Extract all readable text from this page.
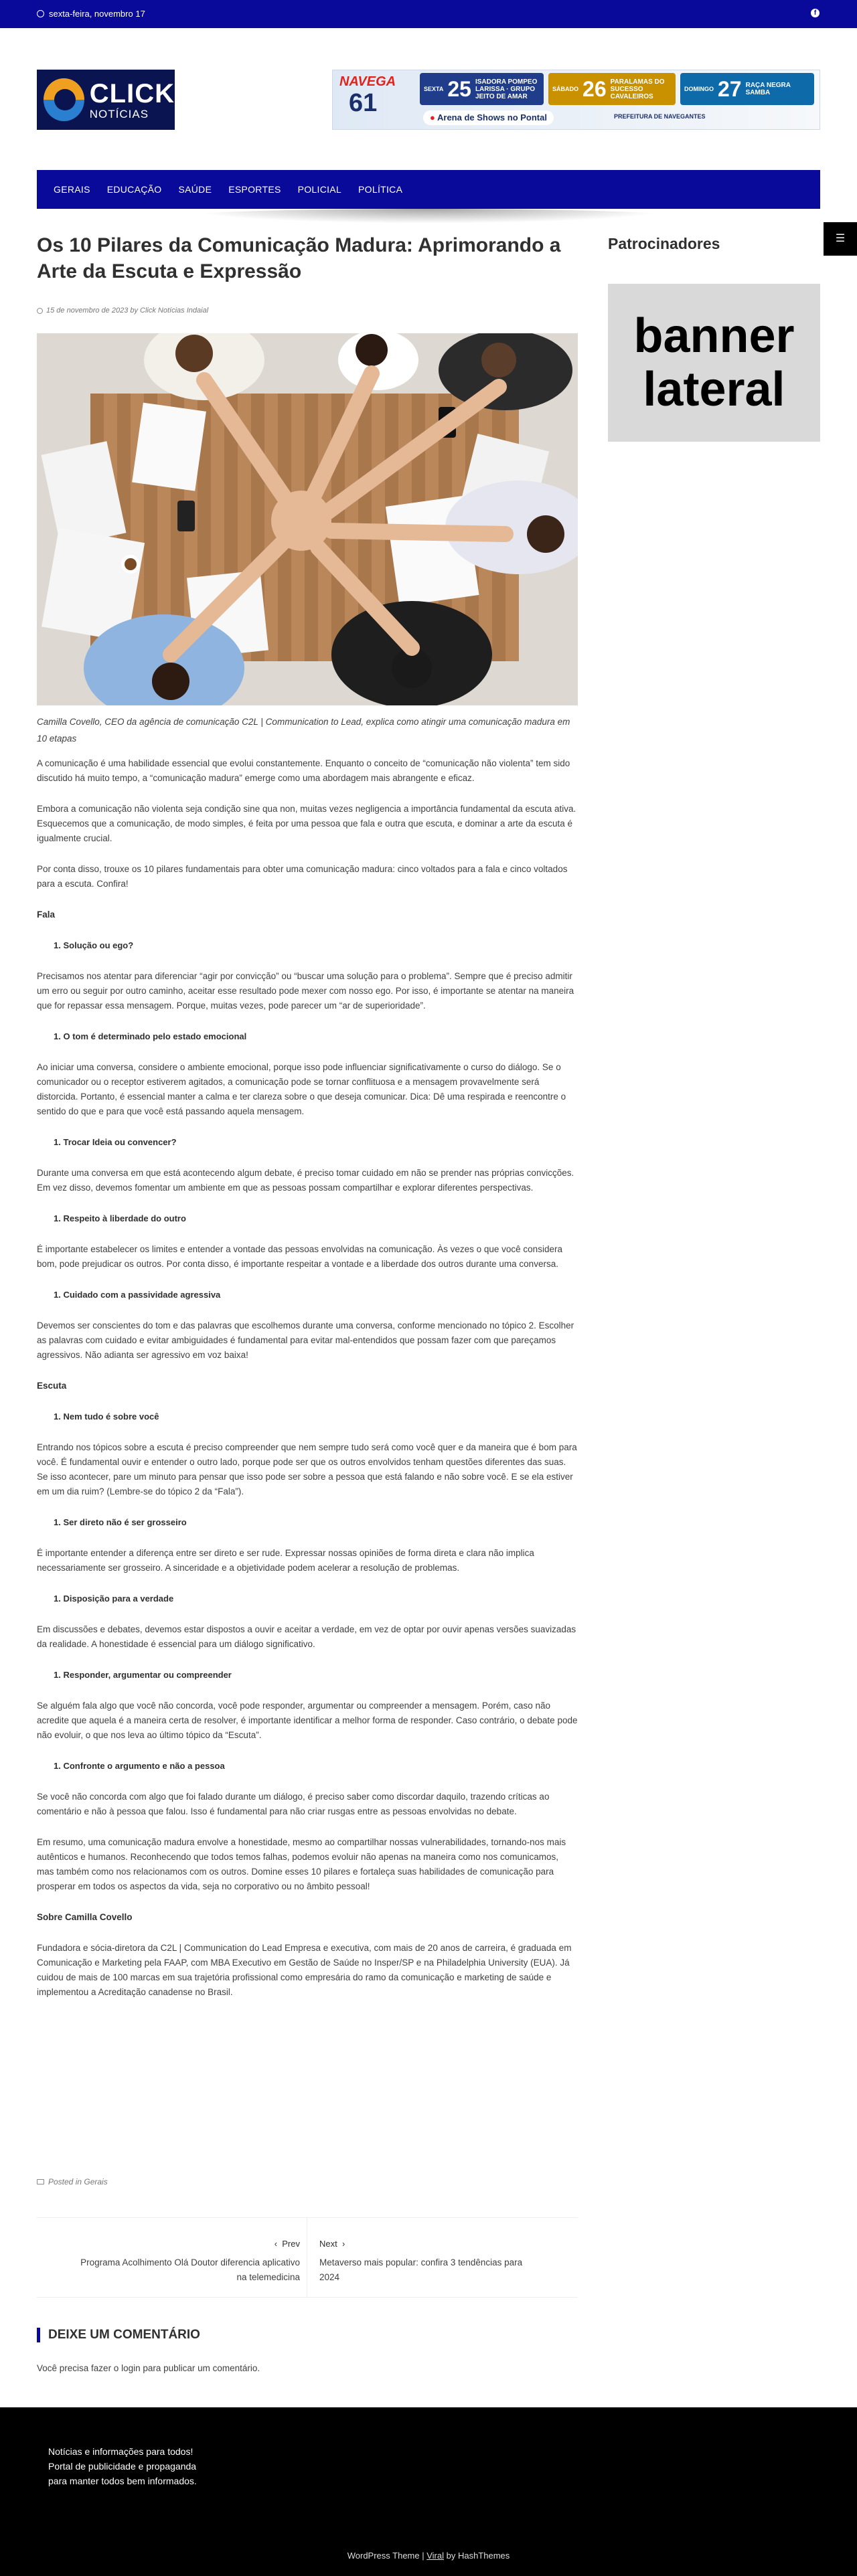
sexta-feira, novembro 17	f
CLICK
NOTÍCIAS
NAVEGA
61
SEXTA 25 ISADORA POMPEO
LARISSA · GRUPO JEITO DE AMAR
SÁBADO 26 PARALAMAS DO SUCESSO
CAVALEIROS
DOMINGO 27 RAÇA NEGRA
SAMBA
● Arena de Shows no Pontal	PREFEITURA DE NAVEGANTES
GERAIS EDUCAÇÃO SAÚDE ESPORTES POLICIAL POLÍTICA
☰
Os 10 Pilares da Comunicação Madura: Aprimorando a Arte da Escuta e Expressão
15 de novembro de 2023 by Click Notícias Indaial

Camilla Covello, CEO da agência de comunicação C2L | Communication to Lead, explica como atingir uma comunicação madura em 10 etapas

A comunicação é uma habilidade essencial que evolui constantemente. Enquanto o conceito de “comunicação não violenta” tem sido discutido há muito tempo, a “comunicação madura” emerge como uma abordagem mais abrangente e eficaz.

Embora a comunicação não violenta seja condição sine qua non, muitas vezes negligencia a importância fundamental da escuta ativa. Esquecemos que a comunicação, de modo simples, é feita por uma pessoa que fala e outra que escuta, e dominar a arte da escuta é igualmente crucial.

Por conta disso, trouxe os 10 pilares fundamentais para obter uma comunicação madura: cinco voltados para a fala e cinco voltados para a escuta. Confira!

Fala
1. Solução ou ego?

Precisamos nos atentar para diferenciar “agir por convicção” ou “buscar uma solução para o problema”. Sempre que é preciso admitir um erro ou seguir por outro caminho, aceitar esse resultado pode mexer com nosso ego. Por isso, é importante se atentar na maneira que for repassar essa mensagem. Porque, muitas vezes, pode parecer um “ar de superioridade”.

1. O tom é determinado pelo estado emocional

Ao iniciar uma conversa, considere o ambiente emocional, porque isso pode influenciar significativamente o curso do diálogo. Se o comunicador ou o receptor estiverem agitados, a comunicação pode se tornar conflituosa e a mensagem provavelmente será distorcida. Portanto, é essencial manter a calma e ter clareza sobre o que deseja comunicar. Dica: Dê uma respirada e reencontre o sentido do que e para que você está passando aquela mensagem.

1. Trocar Ideia ou convencer?

Durante uma conversa em que está acontecendo algum debate, é preciso tomar cuidado em não se prender nas próprias convicções. Em vez disso, devemos fomentar um ambiente em que as pessoas possam compartilhar e explorar diferentes perspectivas.

1. Respeito à liberdade do outro

É importante estabelecer os limites e entender a vontade das pessoas envolvidas na comunicação. Às vezes o que você considera bom, pode prejudicar os outros. Por conta disso, é importante respeitar a vontade e a liberdade dos outros durante uma conversa.

1. Cuidado com a passividade agressiva

Devemos ser conscientes do tom e das palavras que escolhemos durante uma conversa, conforme mencionado no tópico 2. Escolher as palavras com cuidado e evitar ambiguidades é fundamental para evitar mal-entendidos que possam fazer com que pareçamos agressivos. Não adianta ser agressivo em voz baixa!

Escuta
1. Nem tudo é sobre você

Entrando nos tópicos sobre a escuta é preciso compreender que nem sempre tudo será como você quer e da maneira que é bom para você. É fundamental ouvir e entender o outro lado, porque pode ser que os outros envolvidos tenham questões diferentes das suas. Se isso acontecer, pare um minuto para pensar que isso pode ser sobre a pessoa que está falando e não sobre você. E se ela estiver em um dia ruim? (Lembre-se do tópico 2 da “Fala”).

1. Ser direto não é ser grosseiro

É importante entender a diferença entre ser direto e ser rude. Expressar nossas opiniões de forma direta e clara não implica necessariamente ser grosseiro. A sinceridade e a objetividade podem acelerar a resolução de problemas.

1. Disposição para a verdade

Em discussões e debates, devemos estar dispostos a ouvir e aceitar a verdade, em vez de optar por ouvir apenas versões suavizadas da realidade. A honestidade é essencial para um diálogo significativo.

1. Responder, argumentar ou compreender

Se alguém fala algo que você não concorda, você pode responder, argumentar ou compreender a mensagem. Porém, caso não acredite que aquela é a maneira certa de resolver, é importante identificar a melhor forma de responder. Caso contrário, o debate pode não evoluir, o que nos leva ao último tópico da “Escuta”.

1. Confronte o argumento e não a pessoa

Se você não concorda com algo que foi falado durante um diálogo, é preciso saber como discordar daquilo, trazendo críticas ao comentário e não à pessoa que falou. Isso é fundamental para não criar rusgas entre as pessoas envolvidas no debate.

Em resumo, uma comunicação madura envolve a honestidade, mesmo ao compartilhar nossas vulnerabilidades, tornando-nos mais autênticos e humanos. Reconhecendo que todos temos falhas, podemos evoluir não apenas na maneira como nos comunicamos, mas também como nos relacionamos com os outros. Domine esses 10 pilares e fortaleça suas habilidades de comunicação para prosperar em todos os aspectos da vida, seja no corporativo ou no âmbito pessoal!

Sobre Camilla Covello

Fundadora e sócia-diretora da C2L | Communication do Lead Empresa e executiva, com mais de 20 anos de carreira, é graduada em Comunicação e Marketing pela FAAP, com MBA Executivo em Gestão de Saúde no Insper/SP e na Philadelphia University (EUA). Já cuidou de mais de 100 marcas em sua trajetória profissional como empresária do ramo da comunicação e marketing de saúde e implementou a Acreditação canadense no Brasil.

Posted in Gerais
‹ Prev
Programa Acolhimento Olá Doutor diferencia aplicativo na telemedicina
Next ›
Metaverso mais popular: confira 3 tendências para 2024
DEIXE UM COMENTÁRIO

Você precisa fazer o login para publicar um comentário.

Patrocinadores
banner
lateral
Notícias e informações para todos! Portal de publicidade e propaganda para manter todos bem informados.
WordPress Theme | Viral by HashThemes
